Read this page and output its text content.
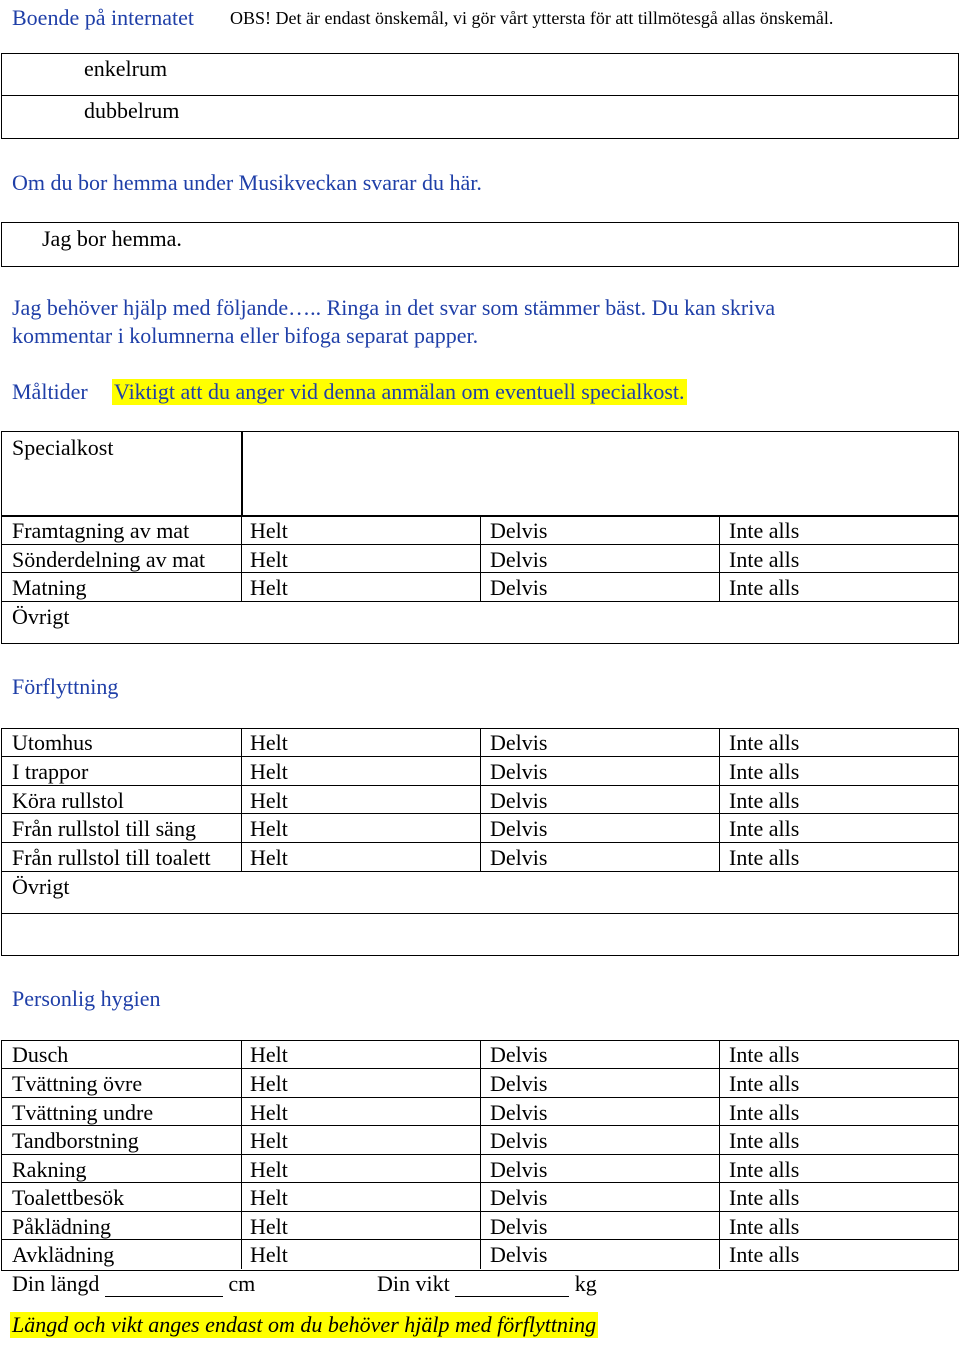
Boende på internatet OBS! Det är endast önskemål, vi gör vårt yttersta för att tillmötesgå allas önskemål.
enkelrum
dubbelrum
Om du bor hemma under Musikveckan svarar du här.
Jag bor hemma.
Jag behöver hjälp med följande….. Ringa in det svar som stämmer bäst. Du kan skriva
kommentar i kolumnerna eller bifoga separat papper.
Måltider Viktigt att du anger vid denna anmälan om eventuell specialkost.
Specialkost
Framtagning av mat	Helt	Delvis	Inte alls
Sönderdelning av mat Helt	Delvis	Inte alls
Matning	Helt	Delvis	Inte alls
Övrigt
Förflyttning
Utomhus	Helt	Delvis	Inte alls
I trappor	Helt	Delvis	Inte alls
Köra rullstol	Helt	Delvis	Inte alls
Från rullstol till säng Helt	Delvis	Inte alls
Från rullstol till toalett Helt	Delvis	Inte alls
Övrigt
Personlig hygien
Dusch	Helt	Delvis	Inte alls
Tvättning övre	Helt	Delvis	Inte alls
Tvättning undre	Helt	Delvis	Inte alls
Tandborstning	Helt	Delvis	Inte alls
Rakning	Helt	Delvis	Inte alls
Toalettbesök	Helt	Delvis	Inte alls
Påklädning	Helt	Delvis	Inte alls
Avklädning	Helt	Delvis	Inte alls
Din längd	cm	Din vikt	kg
Längd och vikt anges endast om du behöver hjälp med förflyttning
